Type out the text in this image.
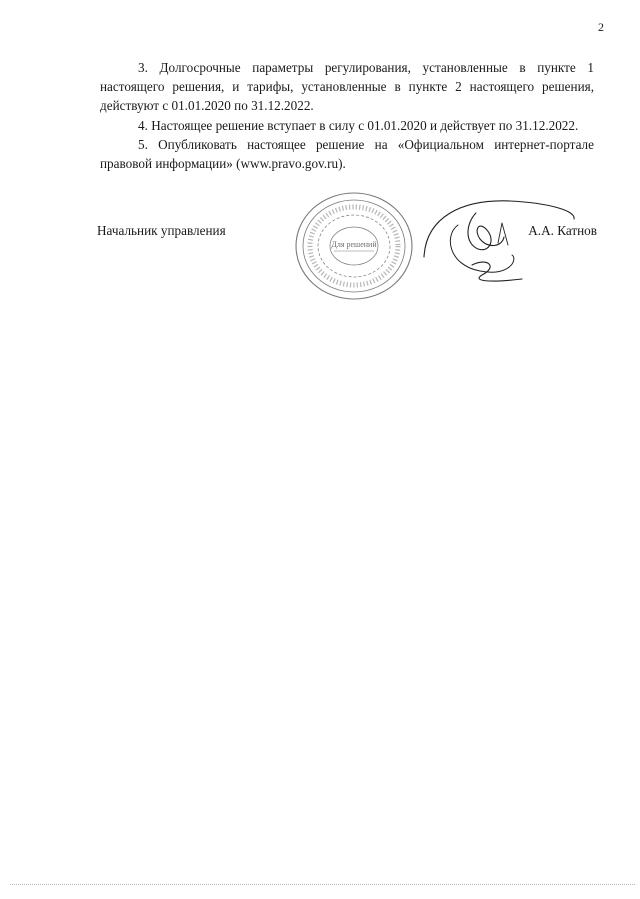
2

3. Долгосрочные параметры регулирования, установленные в пункте 1 настоящего решения, и тарифы, установленные в пункте 2 настоящего решения, действуют с 01.01.2020 по 31.12.2022.

4. Настоящее решение вступает в силу с 01.01.2020 и действует по 31.12.2022.

5. Опубликовать настоящее решение на «Официальном интернет-портале правовой информации» (www.pravo.gov.ru).

Для решений
Начальник управления	А.А. Катнов
